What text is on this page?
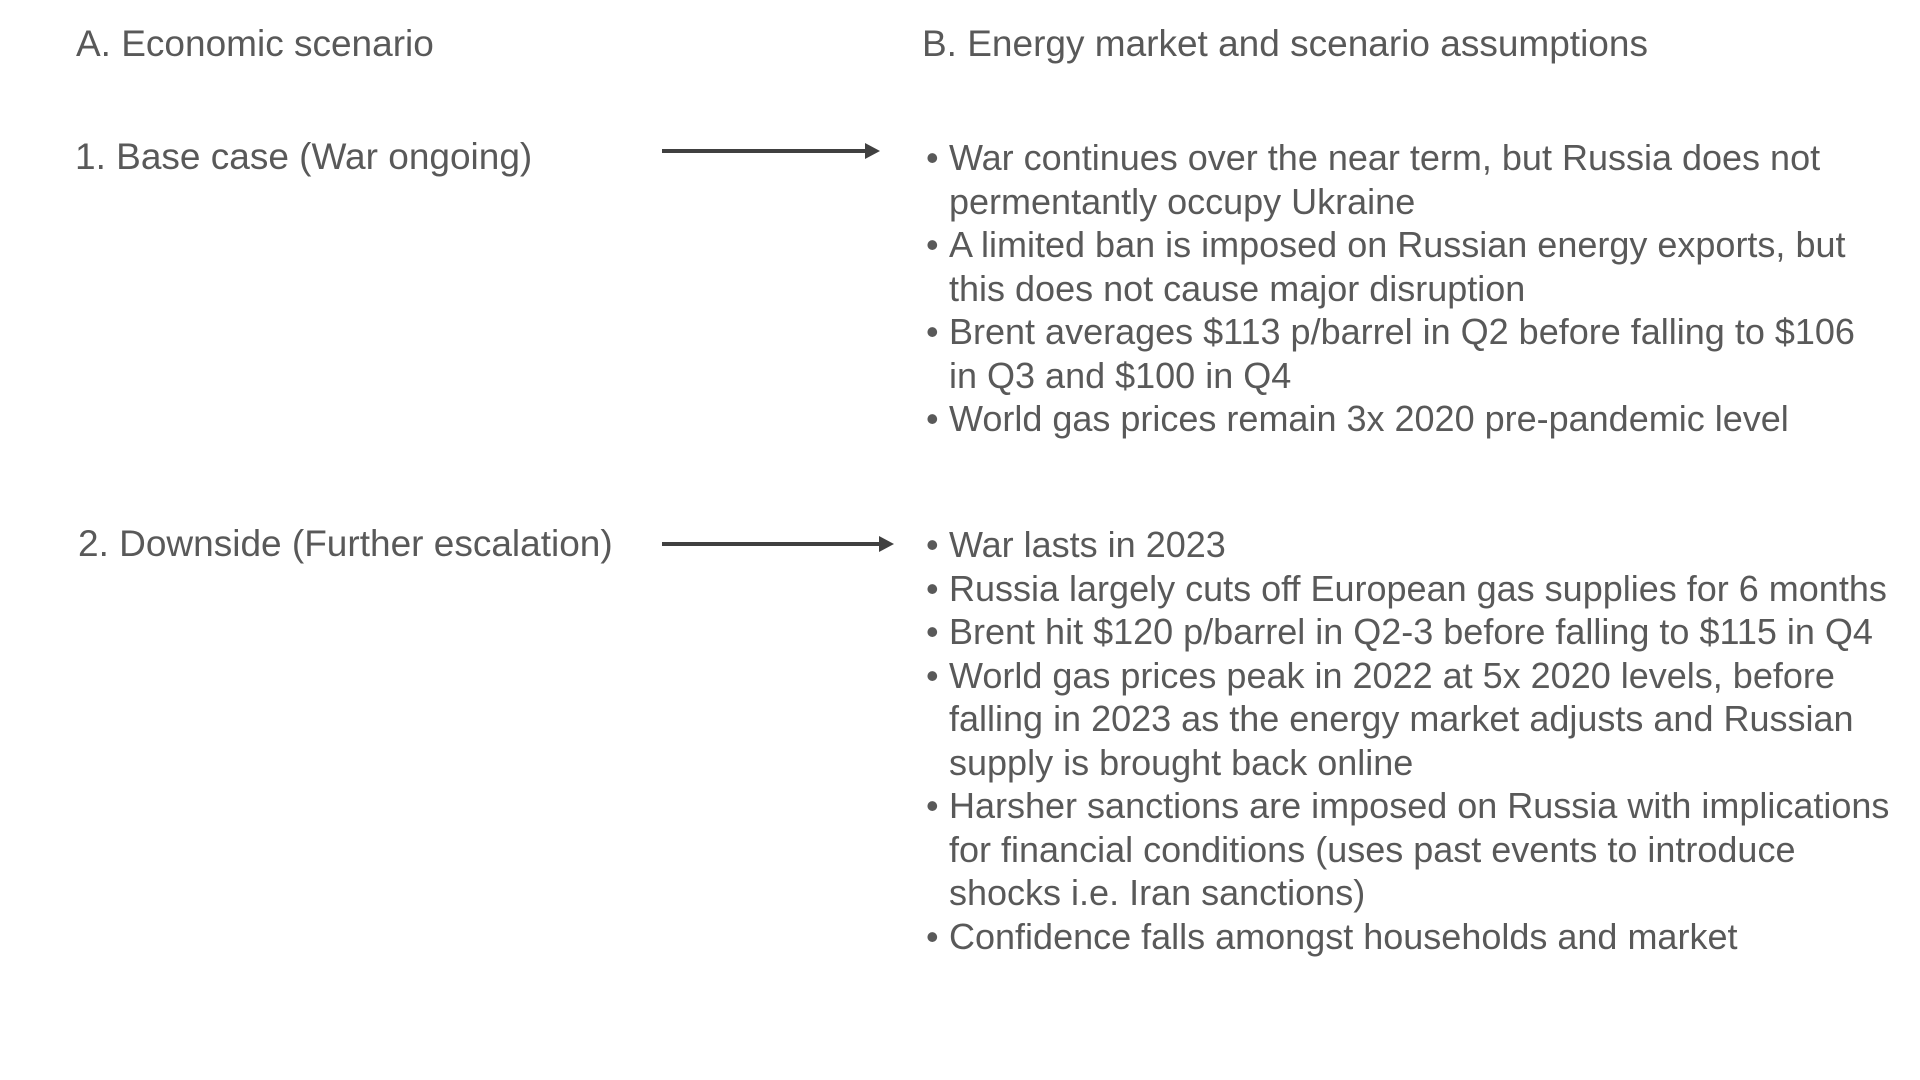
A. Economic scenario	B. Energy market and scenario assumptions
1. Base case (War ongoing)	• War continues over the near term, but Russia does not
permentantly occupy Ukraine
• A limited ban is imposed on Russian energy exports, but
this does not cause major disruption
• Brent averages $113 p/barrel in Q2 before falling to $106
in Q3 and $100 in Q4
• World gas prices remain 3x 2020 pre-pandemic level
2. Downside (Further escalation)	• War lasts in 2023
• Russia largely cuts off European gas supplies for 6 months
• Brent hit $120 p/barrel in Q2-3 before falling to $115 in Q4
• World gas prices peak in 2022 at 5x 2020 levels, before
falling in 2023 as the energy market adjusts and Russian
supply is brought back online
• Harsher sanctions are imposed on Russia with implications
for financial conditions (uses past events to introduce
shocks i.e. Iran sanctions)
• Confidence falls amongst households and market
